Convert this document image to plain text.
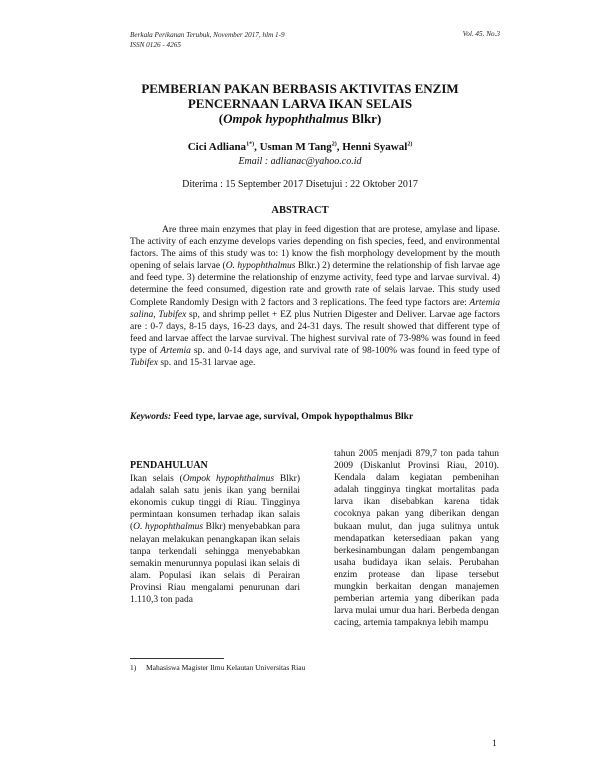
Berkala Perikanan Terubuk, November 2017, hlm 1-9
ISSN 0126 - 4265
Vol. 45. No.3
PEMBERIAN PAKAN BERBASIS AKTIVITAS ENZIM
PENCERNAAN LARVA IKAN SELAIS
(Ompok hypophthalmus Blkr)
Cici Adliana$^{1*)}$, Usman M Tang$^{2)}$, Henni Syawal$^{2)}$
Email : adlianac@yahoo.co.id
Diterima : 15 September 2017 Disetujui : 22 Oktober 2017
ABSTRACT
Are three main enzymes that play in feed digestion that are protese, amylase and lipase. The activity of each enzyme develops varies depending on fish species, feed, and environmental factors. The aims of this study was to: 1) know the fish morphology development by the mouth opening of selais larvae (O. hypophthalmus Blkr.) 2) determine the relationship of fish larvae age and feed type. 3) determine the relationship of enzyme activity, feed type and larvae survival. 4) determine the feed consumed, digestion rate and growth rate of selais larvae. This study used Complete Randomly Design with 2 factors and 3 replications. The feed type factors are: Artemia salina, Tubifex sp, and shrimp pellet + EZ plus Nutrien Digester and Deliver. Larvae age factors are : 0-7 days, 8-15 days, 16-23 days, and 24-31 days. The result showed that different type of feed and larvae affect the larvae survival. The highest survival rate of 73-98% was found in feed type of Artemia sp. and 0-14 days age, and survival rate of 98-100% was found in feed type of Tubifex sp. and 15-31 larvae age.
Keywords: Feed type, larvae age, survival, Ompok hypopthalmus Blkr
PENDAHULUAN
Ikan selais (Ompok hypophthalmus Blkr) adalah salah satu jenis ikan yang bernilai ekonomis cukup tinggi di Riau. Tingginya permintaan konsumen terhadap ikan salais (O. hypophthalmus Blkr) menyebabkan para nelayan melakukan penangkapan ikan selais tanpa terkendali sehingga menyebabkan semakin menurunnya populasi ikan selais di alam. Populasi ikan selais di Perairan Provinsi Riau mengalami penurunan dari 1.110,3 ton pada
tahun 2005 menjadi 879,7 ton pada tahun 2009 (Diskanlut Provinsi Riau, 2010). Kendala dalam kegiatan pembenihan adalah tingginya tingkat mortalitas pada larva ikan disebabkan karena tidak cocoknya pakan yang diberikan dengan bukaan mulut, dan juga sulitnya untuk mendapatkan ketersediaan pakan yang berkesinambungan dalam pengembangan usaha budidaya ikan selais. Perubahan enzim protease dan lipase tersebut mungkin berkaitan dengan manajemen pemberian artemia yang diberikan pada larva mulai umur dua hari. Berbeda dengan cacing, artemia tampaknya lebih mampu
1) Mahasiswa Magister Ilmu Kelautan Universitas Riau
1
